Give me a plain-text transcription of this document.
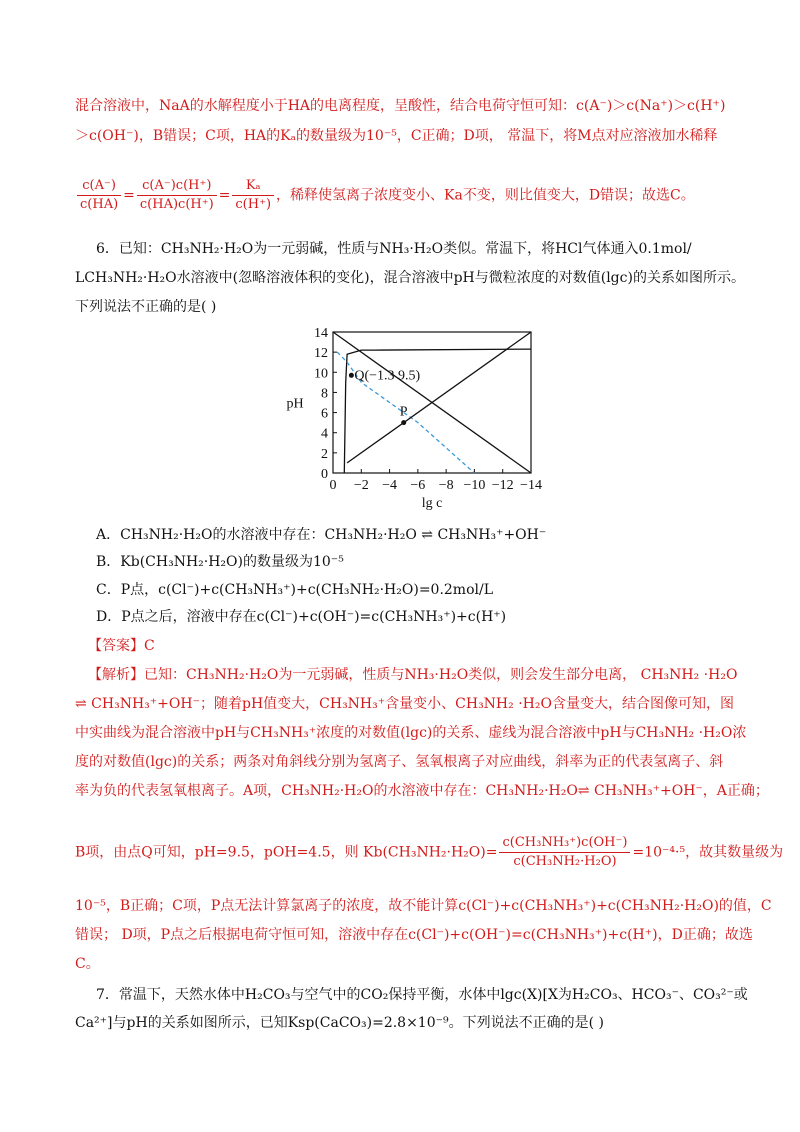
混合溶液中，NaA的水解程度小于HA的电离程度，呈酸性，结合电荷守恒可知：c(A⁻)＞c(Na⁺)＞c(H⁺)
＞c(OH⁻)，B错误；C项，HA的Kₐ的数量级为10⁻⁵，C正确；D项， 常温下，将M点对应溶液加水稀释
$\frac{c(A^-)}{c(HA)} = \frac{c(A^-)c(H^+)}{c(HA)c(H^+)} = \frac{\text{Kₐ}}{c(H^+)}$ ，稀释使氢离子浓度变小、Ka不变，则比值变大，D错误；故选C。
6．已知：CH₃NH₂·H₂O为一元弱碱，性质与NH₃·H₂O类似。常温下，将HCl气体通入0.1mol/
LCH₃NH₂·H₂O水溶液中(忽略溶液体积的变化)，混合溶液中pH与微粒浓度的对数值(lgc)的关系如图所示。
下列说法不正确的是( )
0
2
4
6
8
10
12
14
0 −2 −4 −6 −8 −10 −12 −14
lg c
pH
Q(−1.3 9.5)
P
A．CH₃NH₂·H₂O的水溶液中存在：CH₃NH₂·H₂O ⇌ CH₃NH₃⁺+OH⁻
B．Kb(CH₃NH₂·H₂O)的数量级为10⁻⁵
C．P点，c(Cl⁻)+c(CH₃NH₃⁺)+c(CH₃NH₂·H₂O)=0.2mol/L
D．P点之后，溶液中存在c(Cl⁻)+c(OH⁻)=c(CH₃NH₃⁺)+c(H⁺)
【答案】C
【解析】已知：CH₃NH₂·H₂O为一元弱碱，性质与NH₃·H₂O类似，则会发生部分电离， CH₃NH₂ ·H₂O
⇌ CH₃NH₃⁺+OH⁻；随着pH值变大，CH₃NH₃⁺含量变小、CH₃NH₂ ·H₂O含量变大，结合图像可知，图
中实曲线为混合溶液中pH与CH₃NH₃⁺浓度的对数值(lgc)的关系、虚线为混合溶液中pH与CH₃NH₂ ·H₂O浓
度的对数值(lgc)的关系；两条对角斜线分别为氢离子、氢氧根离子对应曲线，斜率为正的代表氢离子、斜
率为负的代表氢氧根离子。A项，CH₃NH₂·H₂O的水溶液中存在：CH₃NH₂·H₂O⇌ CH₃NH₃⁺+OH⁻，A正确；
B项，由点Q可知，pH=9.5，pOH=4.5，则 $Kb(CH_3NH_2\cdot H_2O)= \frac{\text{c(CH₃NH₃⁺)c(OH⁻)}}{\text{c(CH₃NH₂·H₂O)}} =10^{-4}\cdot^5$，故其数量级为
10⁻⁵，B正确；C项，P点无法计算氯离子的浓度，故不能计算c(Cl⁻)+c(CH₃NH₃⁺)+c(CH₃NH₂·H₂O)的值，C
错误； D项，P点之后根据电荷守恒可知，溶液中存在c(Cl⁻)+c(OH⁻)=c(CH₃NH₃⁺)+c(H⁺)，D正确；故选
C。
7．常温下，天然水体中H₂CO₃与空气中的CO₂保持平衡，水体中lgc(X)[X为H₂CO₃、HCO₃⁻、CO₃²⁻或
Ca²⁺]与pH的关系如图所示，已知Ksp(CaCO₃)=2.8×10⁻⁹。下列说法不正确的是( )
